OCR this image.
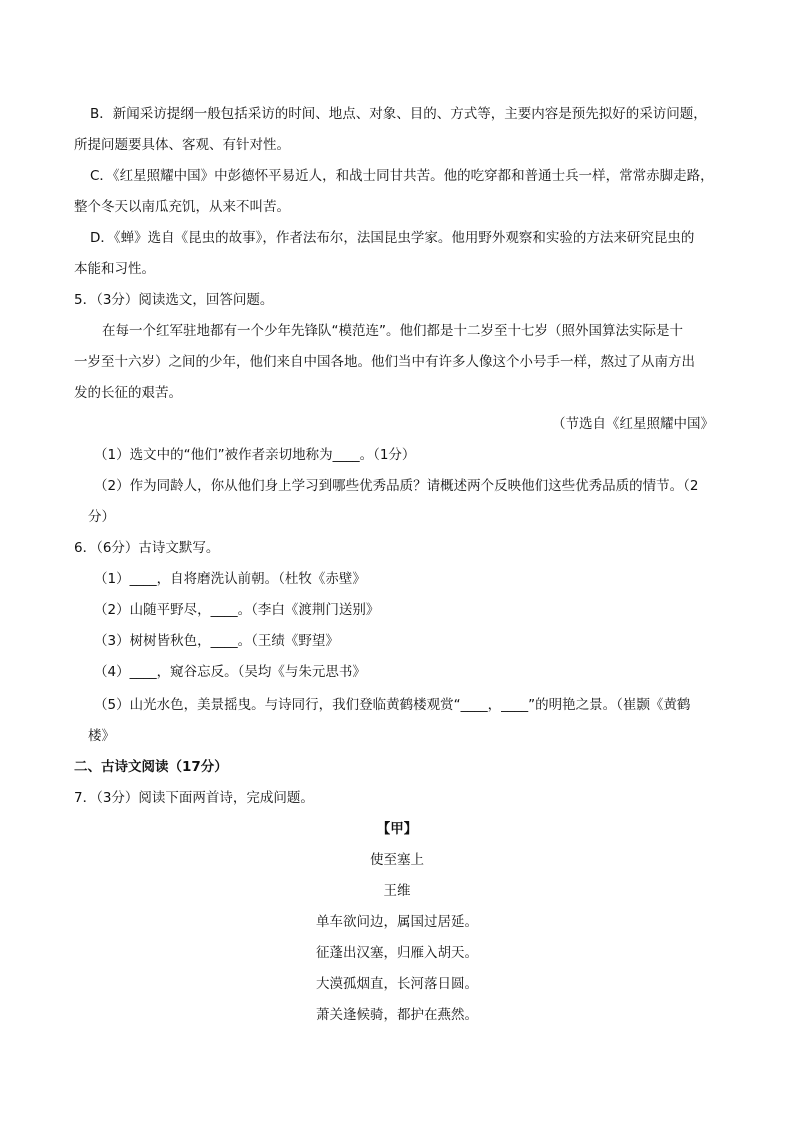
B．新闻采访提纲一般包括采访的时间、地点、对象、目的、方式等，主要内容是预先拟好的采访问题，
所提问题要具体、客观、有针对性。
C．《红星照耀中国》中彭德怀平易近人，和战士同甘共苦。他的吃穿都和普通士兵一样，常常赤脚走路，
整个冬天以南瓜充饥，从来不叫苦。
D．《蝉》选自《昆虫的故事》，作者法布尔，法国昆虫学家。他用野外观察和实验的方法来研究昆虫的
本能和习性。
5．（3分）阅读选文，回答问题。
在每一个红军驻地都有一个少年先锋队“模范连”。他们都是十二岁至十七岁（照外国算法实际是十
一岁至十六岁）之间的少年，他们来自中国各地。他们当中有许多人像这个小号手一样，熬过了从南方出
发的长征的艰苦。
（节选自《红星照耀中国》
（1）选文中的“他们”被作者亲切地称为____。（1分）
（2）作为同龄人，你从他们身上学习到哪些优秀品质？请概述两个反映他们这些优秀品质的情节。（2
分）
6．（6分）古诗文默写。
（1）____，自将磨洗认前朝。（杜牧《赤壁》
（2）山随平野尽，____。（李白《渡荆门送别》
（3）树树皆秋色，____。（王绩《野望》
（4）____，窥谷忘反。（吴均《与朱元思书》
（5）山光水色，美景摇曳。与诗同行，我们登临黄鹤楼观赏“____，____”的明艳之景。（崔颢《黄鹤
楼》
二、古诗文阅读（17分）
7．（3分）阅读下面两首诗，完成问题。
【甲】
使至塞上
王维
单车欲问边，属国过居延。
征蓬出汉塞，归雁入胡天。
大漠孤烟直，长河落日圆。
萧关逢候骑，都护在燕然。
